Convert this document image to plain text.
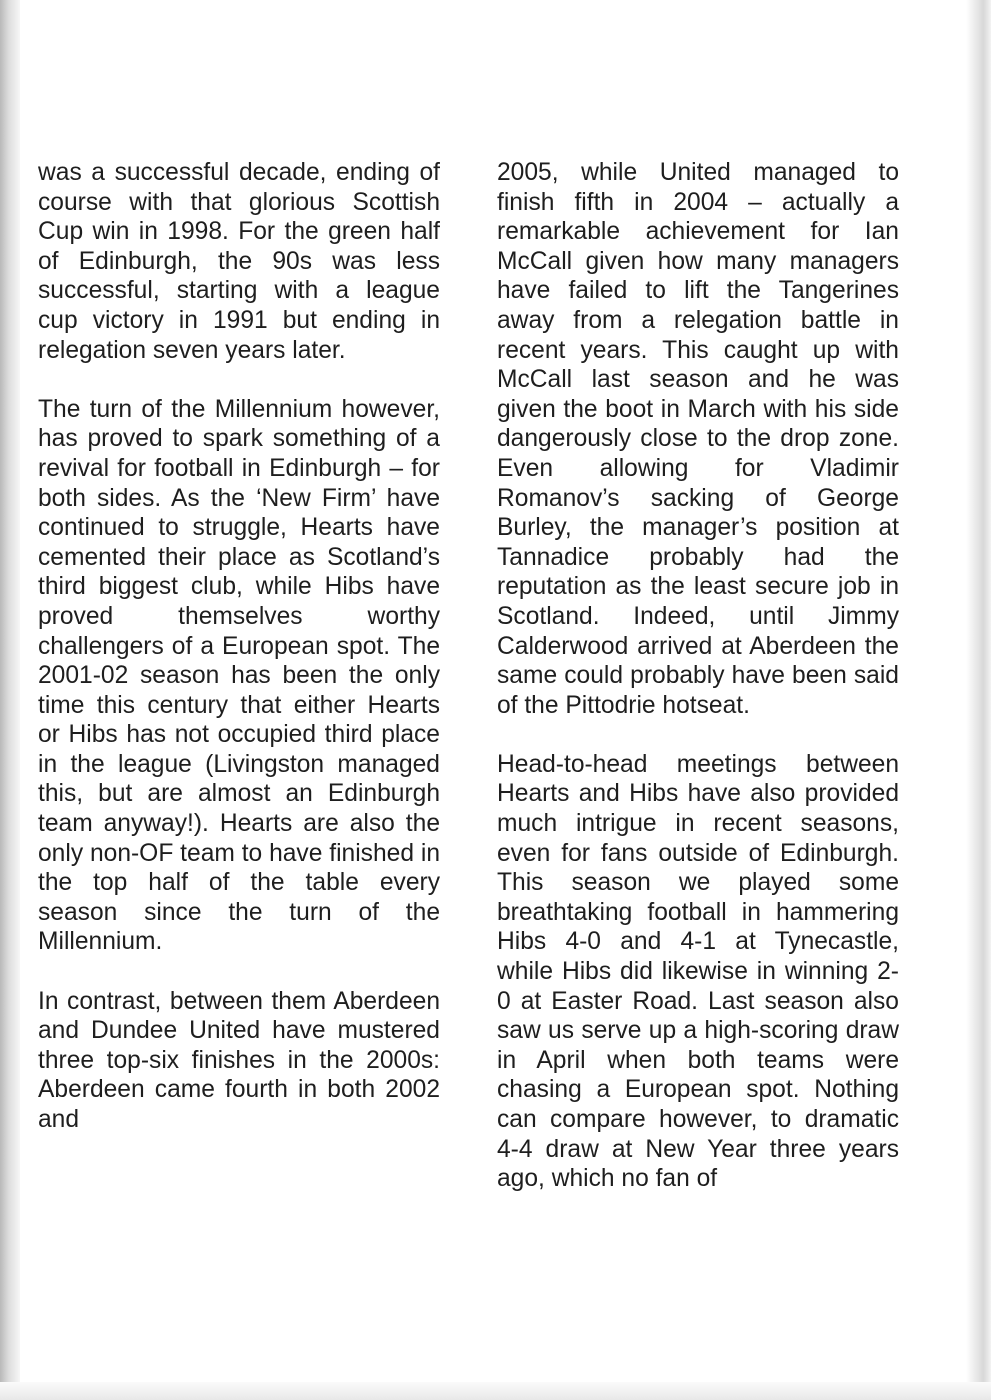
was a successful decade, ending of course with that glorious Scottish Cup win in 1998. For the green half of Edinburgh, the 90s was less successful, starting with a league cup victory in 1991 but ending in relegation seven years later.

The turn of the Millennium however, has proved to spark something of a revival for football in Edinburgh – for both sides. As the ‘New Firm’ have continued to struggle, Hearts have cemented their place as Scotland’s third biggest club, while Hibs have proved themselves worthy challengers of a European spot. The 2001-02 season has been the only time this century that either Hearts or Hibs has not occupied third place in the league (Livingston managed this, but are almost an Edinburgh team anyway!). Hearts are also the only non-OF team to have finished in the top half of the table every season since the turn of the Millennium.

In contrast, between them Aberdeen and Dundee United have mustered three top-six finishes in the 2000s: Aberdeen came fourth in both 2002 and

2005, while United managed to finish fifth in 2004 – actually a remarkable achievement for Ian McCall given how many managers have failed to lift the Tangerines away from a relegation battle in recent years. This caught up with McCall last season and he was given the boot in March with his side dangerously close to the drop zone. Even allowing for Vladimir Romanov’s sacking of George Burley, the manager’s position at Tannadice probably had the reputation as the least secure job in Scotland. Indeed, until Jimmy Calderwood arrived at Aberdeen the same could probably have been said of the Pittodrie hotseat.

Head-to-head meetings between Hearts and Hibs have also provided much intrigue in recent seasons, even for fans outside of Edinburgh. This season we played some breathtaking football in hammering Hibs 4-0 and 4-1 at Tynecastle, while Hibs did likewise in winning 2-0 at Easter Road. Last season also saw us serve up a high-scoring draw in April when both teams were chasing a European spot. Nothing can compare however, to dramatic 4-4 draw at New Year three years ago, which no fan of
